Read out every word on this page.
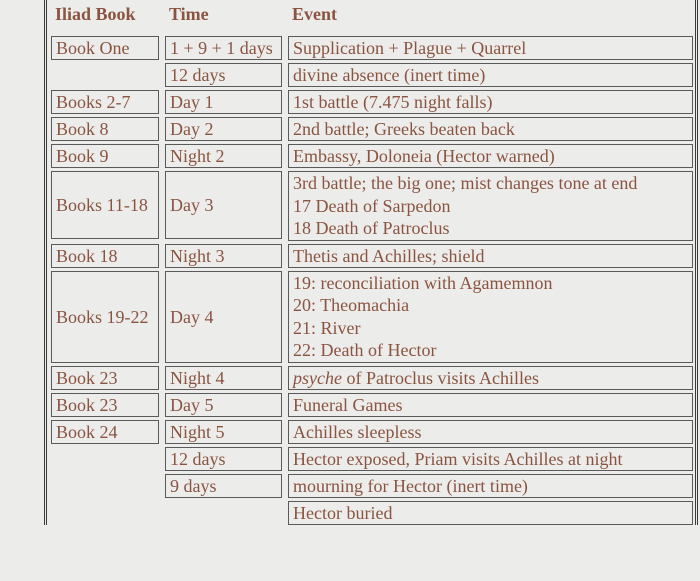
Iliad Book	Time	Event

Book One	1 + 9 + 1 days	Supplication + Plague + Quarrel

	12 days	divine absence (inert time)

Books 2-7	Day 1	1st battle (7.475 night falls)

Book 8	Day 2	2nd battle; Greeks beaten back

Book 9	Night 2	Embassy, Doloneia (Hector warned)

Books 11-18	Day 3	3rd battle; the big one; mist changes tone at end
17 Death of Sarpedon
18 Death of Patroclus

Book 18	Night 3	Thetis and Achilles; shield

Books 19-22	Day 4	19: reconciliation with Agamemnon
20: Theomachia
21: River
22: Death of Hector

Book 23	Night 4	psyche of Patroclus visits Achilles

Book 23	Day 5	Funeral Games

Book 24	Night 5	Achilles sleepless

	12 days	Hector exposed, Priam visits Achilles at night

	9 days	mourning for Hector (inert time)

		Hector buried
